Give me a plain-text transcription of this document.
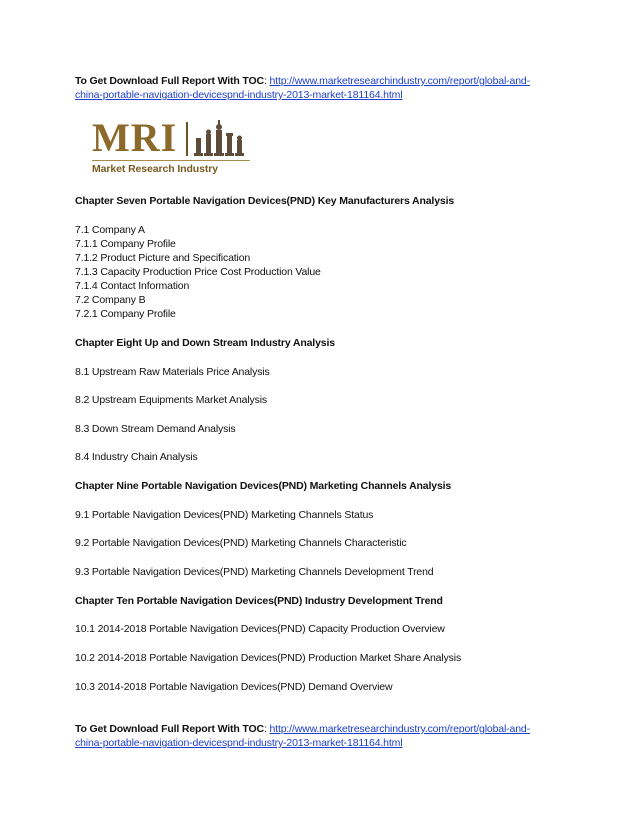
To Get Download Full Report With TOC: http://www.marketresearchindustry.com/report/global-and-
china-portable-navigation-devicespnd-industry-2013-market-181164.html
MRI
Market Research Industry
Chapter Seven Portable Navigation Devices(PND) Key Manufacturers Analysis
7.1 Company A
7.1.1 Company Profile
7.1.2 Product Picture and Specification
7.1.3 Capacity Production Price Cost Production Value
7.1.4 Contact Information
7.2 Company B
7.2.1 Company Profile
Chapter Eight Up and Down Stream Industry Analysis
8.1 Upstream Raw Materials Price Analysis
8.2 Upstream Equipments Market Analysis
8.3 Down Stream Demand Analysis
8.4 Industry Chain Analysis
Chapter Nine Portable Navigation Devices(PND) Marketing Channels Analysis
9.1 Portable Navigation Devices(PND) Marketing Channels Status
9.2 Portable Navigation Devices(PND) Marketing Channels Characteristic
9.3 Portable Navigation Devices(PND) Marketing Channels Development Trend
Chapter Ten Portable Navigation Devices(PND) Industry Development Trend
10.1 2014-2018 Portable Navigation Devices(PND) Capacity Production Overview
10.2 2014-2018 Portable Navigation Devices(PND) Production Market Share Analysis
10.3 2014-2018 Portable Navigation Devices(PND) Demand Overview
To Get Download Full Report With TOC: http://www.marketresearchindustry.com/report/global-and-
china-portable-navigation-devicespnd-industry-2013-market-181164.html
